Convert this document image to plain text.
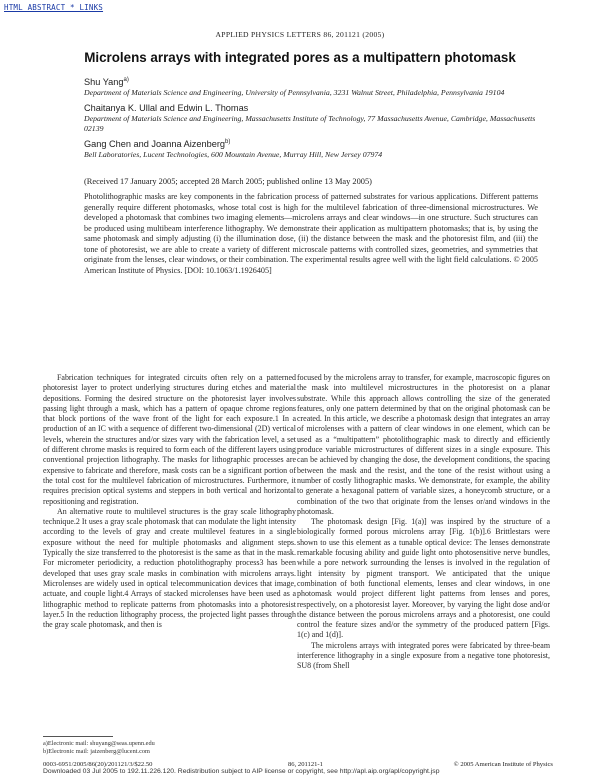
HTML ABSTRACT * LINKS
APPLIED PHYSICS LETTERS 86, 201121 (2005)
Microlens arrays with integrated pores as a multipattern photomask
Shu Yang$^{a)}$
Department of Materials Science and Engineering, University of Pennsylvania, 3231 Walnut Street, Philadelphia, Pennsylvania 19104
Chaitanya K. Ullal and Edwin L. Thomas
Department of Materials Science and Engineering, Massachusetts Institute of Technology, 77 Massachusetts Avenue, Cambridge, Massachusetts 02139
Gang Chen and Joanna Aizenberg$^{b)}$
Bell Laboratories, Lucent Technologies, 600 Mountain Avenue, Murray Hill, New Jersey 07974
(Received 17 January 2005; accepted 28 March 2005; published online 13 May 2005)
Photolithographic masks are key components in the fabrication process of patterned substrates for various applications. Different patterns generally require different photomasks, whose total cost is high for the multilevel fabrication of three-dimensional microstructures. We developed a photomask that combines two imaging elements—microlens arrays and clear windows—in one structure. Such structures can be produced using multibeam interference lithography. We demonstrate their application as multipattern photomasks; that is, by using the same photomask and simply adjusting (i) the illumination dose, (ii) the distance between the mask and the photoresist film, and (iii) the tone of photoresist, we are able to create a variety of different microscale patterns with controlled sizes, geometries, and symmetries that originate from the lenses, clear windows, or their combination. The experimental results agree well with the light field calculations. © 2005 American Institute of Physics. [DOI: 10.1063/1.1926405]

Fabrication techniques for integrated circuits often rely on a patterned photoresist layer to protect underlying structures during etches and material depositions. Forming the desired structure on the photoresist layer involves passing light through a mask, which has a pattern of opaque chrome regions that block portions of the wave front of the light for each exposure.1 In a production of an IC with a sequence of different two-dimensional (2D) vertical levels, wherein the structures and/or sizes vary with the fabrication level, a set of different chrome masks is required to form each of the different layers using conventional projection lithography. The masks for lithographic processes are expensive to fabricate and therefore, mask costs can be a significant portion of the total cost for the multilevel fabrication of microstructures. Furthermore, it requires precision optical systems and steppers in both vertical and horizontal repositioning and registration.

An alternative route to multilevel structures is the gray scale lithography technique.2 It uses a gray scale photomask that can modulate the light intensity according to the levels of gray and create multilevel features in a single exposure without the need for multiple photomasks and alignment steps. Typically the size transferred to the photoresist is the same as that in the mask. For micrometer periodicity, a reduction photolithography process3 has been developed that uses gray scale masks in combination with microlens arrays. Microlenses are widely used in optical telecommunication devices that image, actuate, and couple light.4 Arrays of stacked microlenses have been used as a lithographic method to replicate patterns from photomasks into a photoresist layer.5 In the reduction lithography process, the projected light passes through the gray scale photomask, and then is

focused by the microlens array to transfer, for example, macroscopic figures on the mask into multilevel microstructures in the photoresist on a planar substrate. While this approach allows controlling the size of the generated features, only one pattern determined by that on the original photomask can be created. In this article, we describe a photomask design that integrates an array of microlenses with a pattern of clear windows in one element, which can be used as a “multipattern” photolithographic mask to directly and efficiently produce variable microstructures of different sizes in a single exposure. This can be achieved by changing the dose, the development conditions, the spacing between the mask and the resist, and the tone of the resist without using a number of costly lithographic masks. We demonstrate, for example, the ability to generate a hexagonal pattern of variable sizes, a honeycomb structure, or a combination of the two that originate from the lenses or/and windows in the photomask.

The photomask design [Fig. 1(a)] was inspired by the structure of a biologically formed porous microlens array [Fig. 1(b)].6 Brittlestars were shown to use this element as a tunable optical device: The lenses demonstrate remarkable focusing ability and guide light onto photosensitive nerve bundles, while a pore network surrounding the lenses is involved in the regulation of light intensity by pigment transport. We anticipated that the unique combination of both functional elements, lenses and clear windows, in one photomask would project different light patterns from lenses and pores, respectively, on a photoresist layer. Moreover, by varying the light dose and/or the distance between the porous microlens arrays and a photoresist, one could control the feature sizes and/or the symmetry of the produced pattern [Figs. 1(c) and 1(d)].

The microlens arrays with integrated pores were fabricated by three-beam interference lithography in a single exposure from a negative tone photoresist, SU8 (from Shell

a)Electronic mail: shuyang@seas.upenn.edu
b)Electronic mail: jaizenberg@lucent.com
0003-6951/2005/86(20)/201121/3/$22.50	86, 201121-1	© 2005 American Institute of Physics
Downloaded 03 Jul 2005 to 192.11.226.120. Redistribution subject to AIP license or copyright, see http://apl.aip.org/apl/copyright.jsp
